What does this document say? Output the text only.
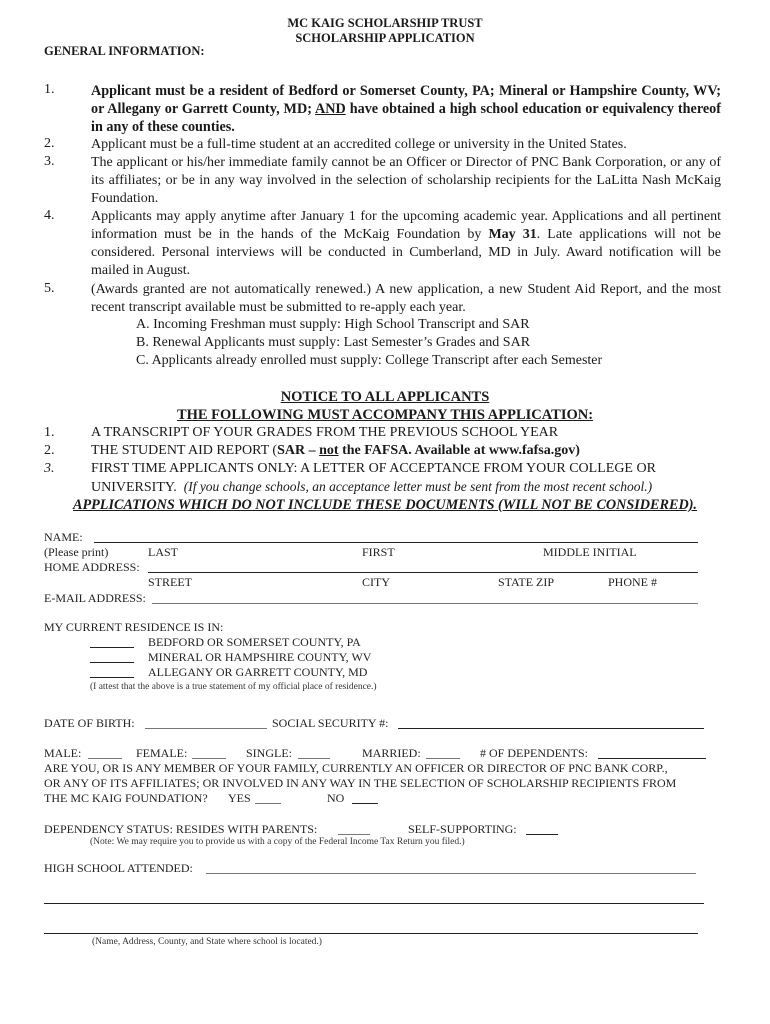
MC KAIG SCHOLARSHIP TRUST
SCHOLARSHIP APPLICATION
GENERAL INFORMATION:
1.	Applicant must be a resident of Bedford or Somerset County, PA; Mineral or Hampshire County, WV; or Allegany or Garrett County, MD; AND have obtained a high school education or equivalency thereof in any of these counties.
2.	Applicant must be a full-time student at an accredited college or university in the United States.
3.	The applicant or his/her immediate family cannot be an Officer or Director of PNC Bank Corporation, or any of its affiliates; or be in any way involved in the selection of scholarship recipients for the LaLitta Nash McKaig Foundation.
4.	Applicants may apply anytime after January 1 for the upcoming academic year. Applications and all pertinent information must be in the hands of the McKaig Foundation by May 31. Late applications will not be considered. Personal interviews will be conducted in Cumberland, MD in July. Award notification will be mailed in August.
5.	(Awards granted are not automatically renewed.) A new application, a new Student Aid Report, and the most recent transcript available must be submitted to re-apply each year.
A. Incoming Freshman must supply: High School Transcript and SAR
B. Renewal Applicants must supply: Last Semester’s Grades and SAR
C. Applicants already enrolled must supply: College Transcript after each Semester
NOTICE TO ALL APPLICANTS
THE FOLLOWING MUST ACCOMPANY THIS APPLICATION:
1.	A TRANSCRIPT OF YOUR GRADES FROM THE PREVIOUS SCHOOL YEAR
2.	THE STUDENT AID REPORT (SAR – not the FAFSA. Available at www.fafsa.gov)
3.	FIRST TIME APPLICANTS ONLY: A LETTER OF ACCEPTANCE FROM YOUR COLLEGE OR
UNIVERSITY. (If you change schools, an acceptance letter must be sent from the most recent school.)
APPLICATIONS WHICH DO NOT INCLUDE THESE DOCUMENTS (WILL NOT BE CONSIDERED).
NAME:
(Please print)	LAST	FIRST	MIDDLE INITIAL
HOME ADDRESS:
STREET	CITY	STATE ZIP	PHONE #
E-MAIL ADDRESS:
MY CURRENT RESIDENCE IS IN:
BEDFORD OR SOMERSET COUNTY, PA
MINERAL OR HAMPSHIRE COUNTY, WV
ALLEGANY OR GARRETT COUNTY, MD
(I attest that the above is a true statement of my official place of residence.)
DATE OF BIRTH:	SOCIAL SECURITY #:
MALE:	FEMALE:	SINGLE:	MARRIED:	# OF DEPENDENTS:
ARE YOU, OR IS ANY MEMBER OF YOUR FAMILY, CURRENTLY AN OFFICER OR DIRECTOR OF PNC BANK CORP.,
OR ANY OF ITS AFFILIATES; OR INVOLVED IN ANY WAY IN THE SELECTION OF SCHOLARSHIP RECIPIENTS FROM
THE MC KAIG FOUNDATION? YES	NO
DEPENDENCY STATUS: RESIDES WITH PARENTS:	SELF-SUPPORTING:
(Note: We may require you to provide us with a copy of the Federal Income Tax Return you filed.)
HIGH SCHOOL ATTENDED:
(Name, Address, County, and State where school is located.)
